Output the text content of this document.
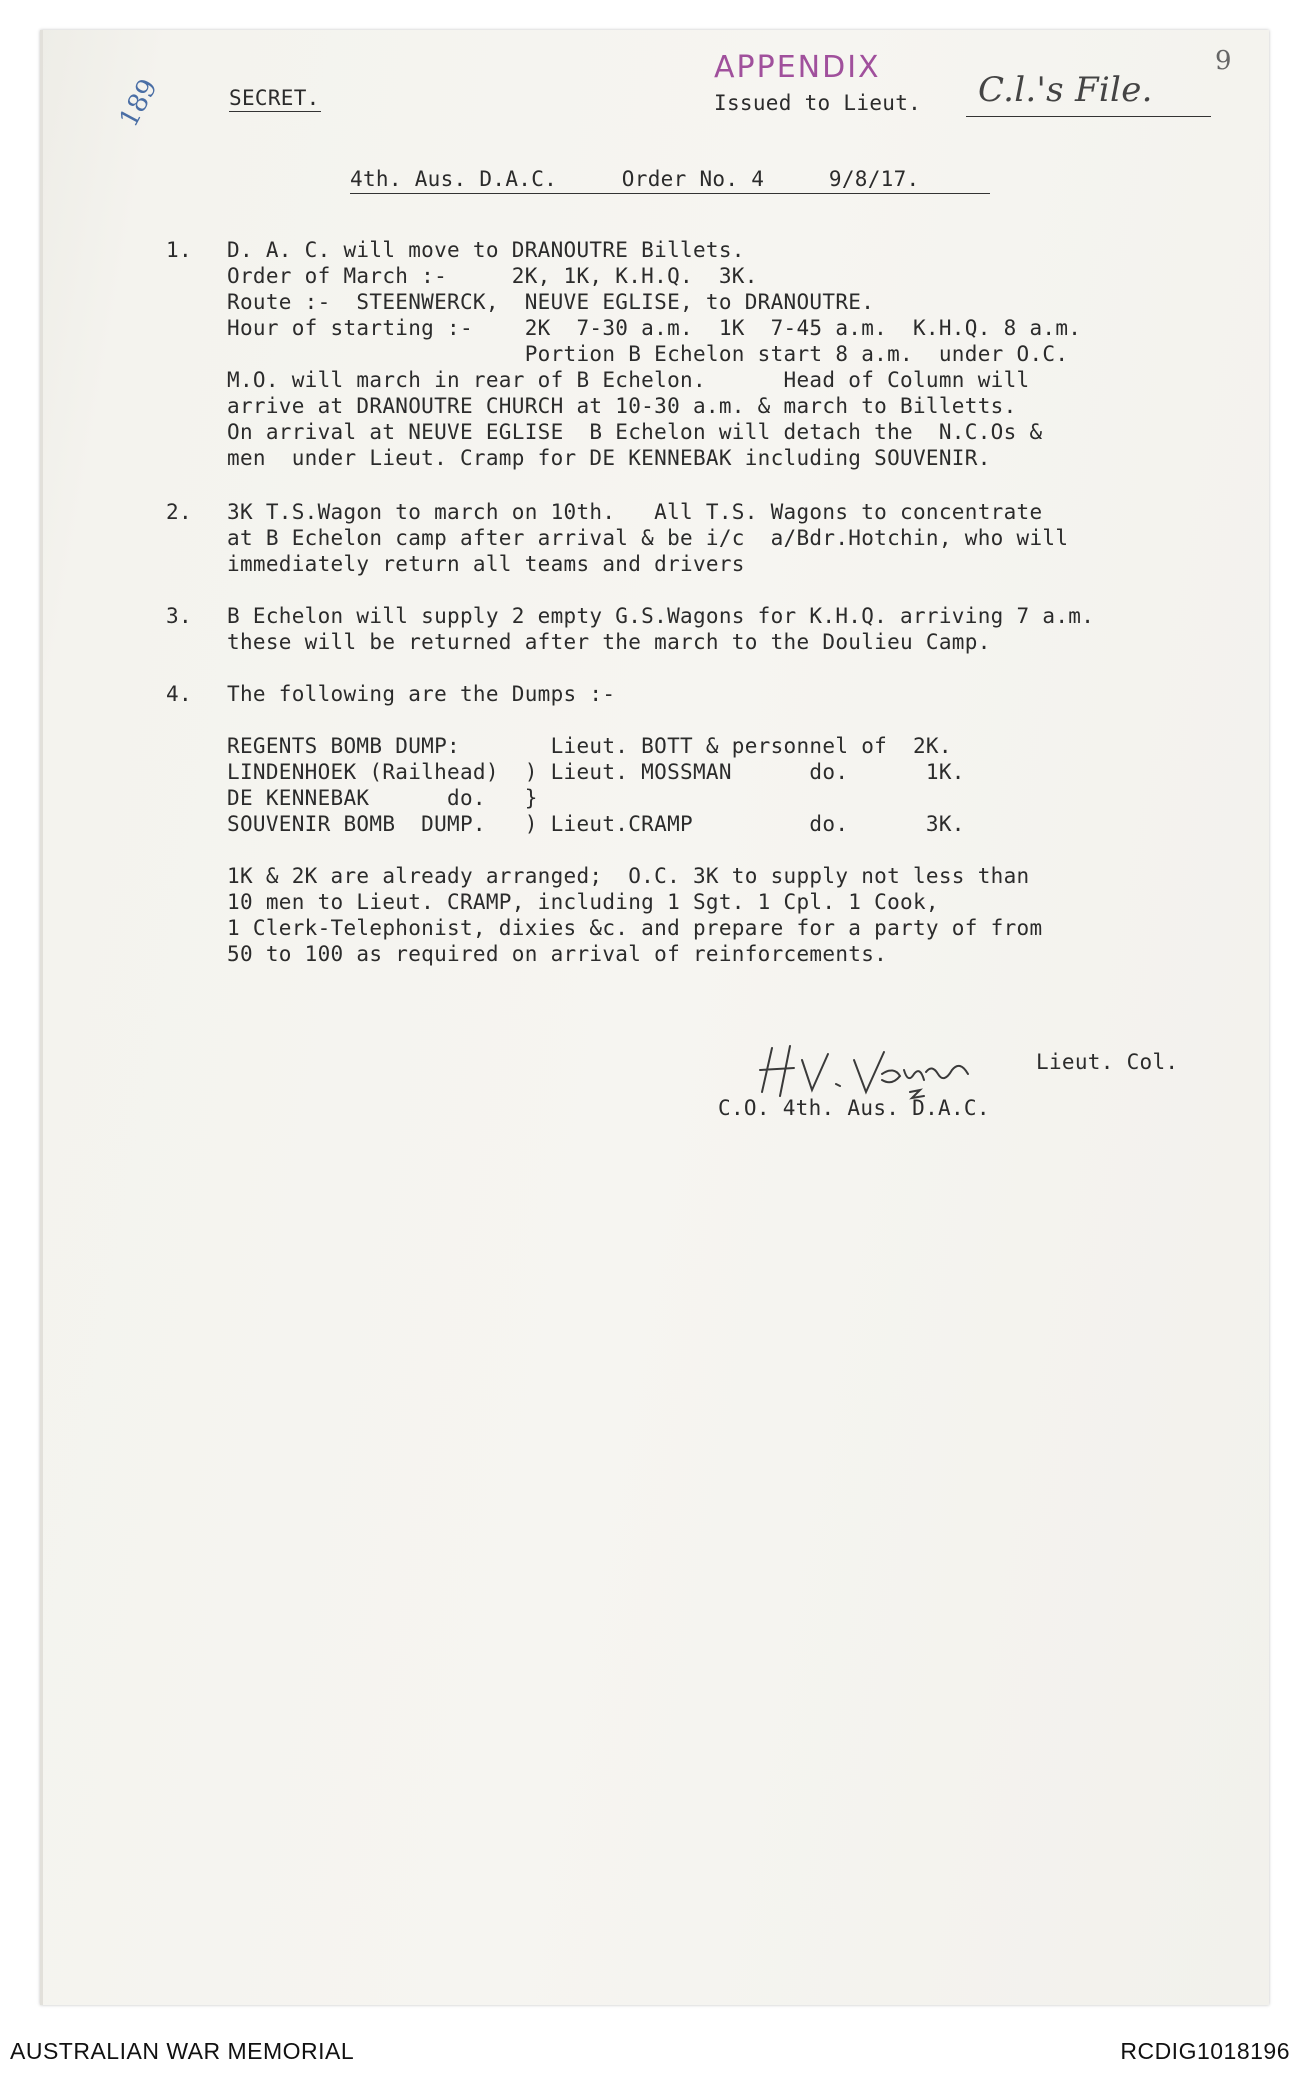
189
9
SECRET.
APPENDIX
Issued to Lieut. C.l.'s File.
4th. Aus. D.A.C.     Order No. 4     9/8/17.
1. D. A. C. will move to DRANOUTRE Billets.
Order of March :-     2K, 1K, K.H.Q.  3K.
Route :-  STEENWERCK,  NEUVE EGLISE, to DRANOUTRE.
Hour of starting :-    2K  7-30 a.m.  1K  7-45 a.m.  K.H.Q. 8 a.m.
Portion B Echelon start 8 a.m.  under O.C.
M.O. will march in rear of B Echelon.      Head of Column will
arrive at DRANOUTRE CHURCH at 10-30 a.m. & march to Billetts.
On arrival at NEUVE EGLISE  B Echelon will detach the  N.C.Os &
men  under Lieut. Cramp for DE KENNEBAK including SOUVENIR.
2. 3K T.S.Wagon to march on 10th.   All T.S. Wagons to concentrate
at B Echelon camp after arrival & be i/c  a/Bdr.Hotchin, who will
immediately return all teams and drivers
3. B Echelon will supply 2 empty G.S.Wagons for K.H.Q. arriving 7 a.m.
these will be returned after the march to the Doulieu Camp.
4. The following are the Dumps :-
REGENTS BOMB DUMP:       Lieut. BOTT & personnel of  2K.
LINDENHOEK (Railhead)  ) Lieut. MOSSMAN      do.      1K.
DE KENNEBAK      do.   }
SOUVENIR BOMB  DUMP.   ) Lieut.CRAMP         do.      3K.
1K & 2K are already arranged;  O.C. 3K to supply not less than
10 men to Lieut. CRAMP, including 1 Sgt. 1 Cpl. 1 Cook,
1 Clerk-Telephonist, dixies &c. and prepare for a party of from
50 to 100 as required on arrival of reinforcements.
Lieut. Col.
C.O. 4th. Aus. D.A.C.
AUSTRALIAN WAR MEMORIAL	RCDIG1018196
